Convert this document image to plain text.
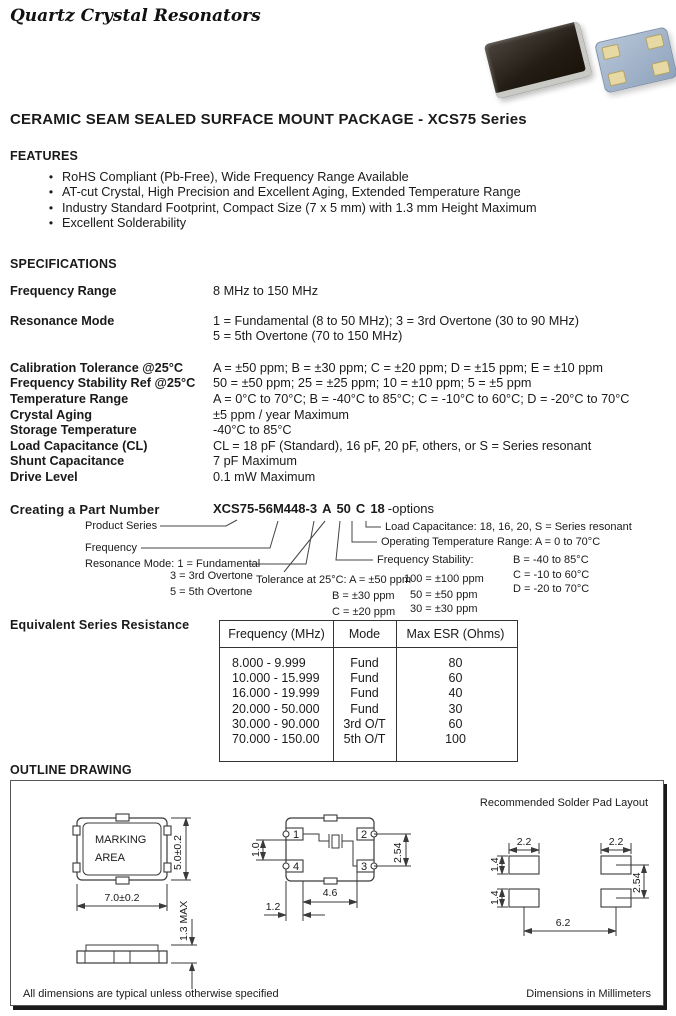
Quartz Crystal Resonators
CERAMIC SEAM SEALED SURFACE MOUNT PACKAGE - XCS75 Series
FEATURES
• RoHS Compliant (Pb-Free), Wide Frequency Range Available
• AT-cut Crystal, High Precision and Excellent Aging, Extended Temperature Range
• Industry Standard Footprint, Compact Size (7 x 5 mm) with 1.3 mm Height Maximum
• Excellent Solderability
SPECIFICATIONS
Frequency Range	8 MHz to 150 MHz
Resonance Mode	1 = Fundamental (8 to 50 MHz); 3 = 3rd Overtone (30 to 90 MHz)
5 = 5th Overtone (70 to 150 MHz)
Calibration Tolerance @25°C	A = ±50 ppm; B = ±30 ppm; C = ±20 ppm; D = ±15 ppm; E = ±10 ppm
Frequency Stability Ref @25°C	50 = ±50 ppm; 25 = ±25 ppm; 10 = ±10 ppm; 5 = ±5 ppm
Temperature Range	A = 0°C to 70°C; B = -40°C to 85°C; C = -10°C to 60°C; D = -20°C to 70°C
Crystal Aging	±5 ppm / year Maximum
Storage Temperature	-40°C to 85°C
Load Capacitance (CL)	CL = 18 pF (Standard), 16 pF, 20 pF, others, or S = Series resonant
Shunt Capacitance	7 pF Maximum
Drive Level	0.1 mW Maximum
Creating a Part Number	XCS75-56M448-3 A 50 C 18 -options
Product Series
Frequency
Resonance Mode: 1 = Fundamental
3 = 3rd Overtone
5 = 5th Overtone
Tolerance at 25°C: A = ±50 ppm
B = ±30 ppm
C = ±20 ppm
Load Capacitance: 18, 16, 20, S = Series resonant
Operating Temperature Range: A = 0 to 70°C
B = -40 to 85°C
C = -10 to 60°C
D = -20 to 70°C
Frequency Stability:
100 = ±100 ppm
50 = ±50 ppm
30 = ±30 ppm
Equivalent Series Resistance
Frequency (MHz)	Mode	Max ESR (Ohms)
8.000 - 9.999	Fund	80
10.000 - 15.999	Fund	60
16.000 - 19.999	Fund	40
20.000 - 50.000	Fund	30
30.000 - 90.000	3rd O/T	60
70.000 - 150.00	5th O/T	100
OUTLINE DRAWING
Recommended Solder Pad Layout
MARKING
AREA	5.0±0.2
7.0±0.2
1.3 MAX
1	2
3
4
1.0	2.54
4.6
1.2
2.2	2.2
1.4
1.4
2.54
6.2
All dimensions are typical unless otherwise specified	Dimensions in Millimeters
